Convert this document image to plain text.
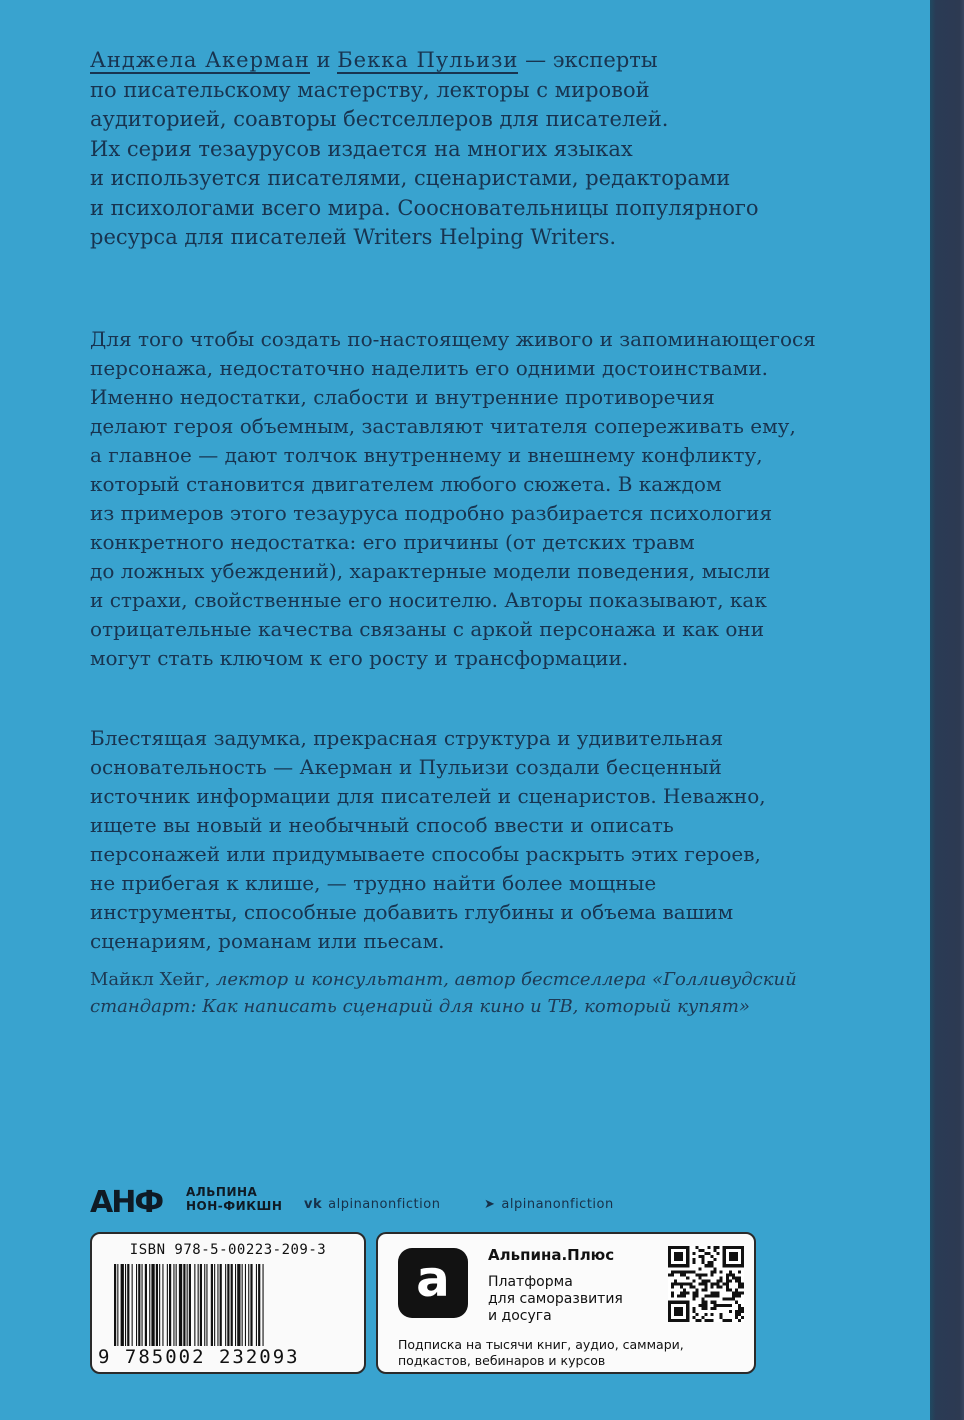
Анджела Акерман и Бекка Пульизи — эксперты
по писательскому мастерству, лекторы с мировой
аудиторией, соавторы бестселлеров для писателей.
Их серия тезаурусов издается на многих языках
и используется писателями, сценаристами, редакторами
и психологами всего мира. Соосновательницы популярного
ресурса для писателей Writers Helping Writers.

Для того чтобы создать по-настоящему живого и запоминающегося
персонажа, недостаточно наделить его одними достоинствами.
Именно недостатки, слабости и внутренние противоречия
делают героя объемным, заставляют читателя сопереживать ему,
а главное — дают толчок внутреннему и внешнему конфликту,
который становится двигателем любого сюжета. В каждом
из примеров этого тезауруса подробно разбирается психология
конкретного недостатка: его причины (от детских травм
до ложных убеждений), характерные модели поведения, мысли
и страхи, свойственные его носителю. Авторы показывают, как
отрицательные качества связаны с аркой персонажа и как они
могут стать ключом к его росту и трансформации.

Блестящая задумка, прекрасная структура и удивительная
основательность — Акерман и Пульизи создали бесценный
источник информации для писателей и сценаристов. Неважно,
ищете вы новый и необычный способ ввести и описать
персонажей или придумываете способы раскрыть этих героев,
не прибегая к клише, — трудно найти более мощные
инструменты, способные добавить глубины и объема вашим
сценариям, романам или пьесам.

Майкл Хейг, лектор и консультант, автор бестселлера «Голливудский
стандарт: Как написать сценарий для кино и ТВ, который купят»
АНФ АЛЬПИНА
НОН-ФИКШН vk alpinanonfiction	➤ alpinanonfiction
ISBN 978-5-00223-209-3
9 785002 232093
a	Альпина.Плюс
Платформа
для саморазвития
и досуга
Подписка на тысячи книг, аудио, саммари,
подкастов, вебинаров и курсов
